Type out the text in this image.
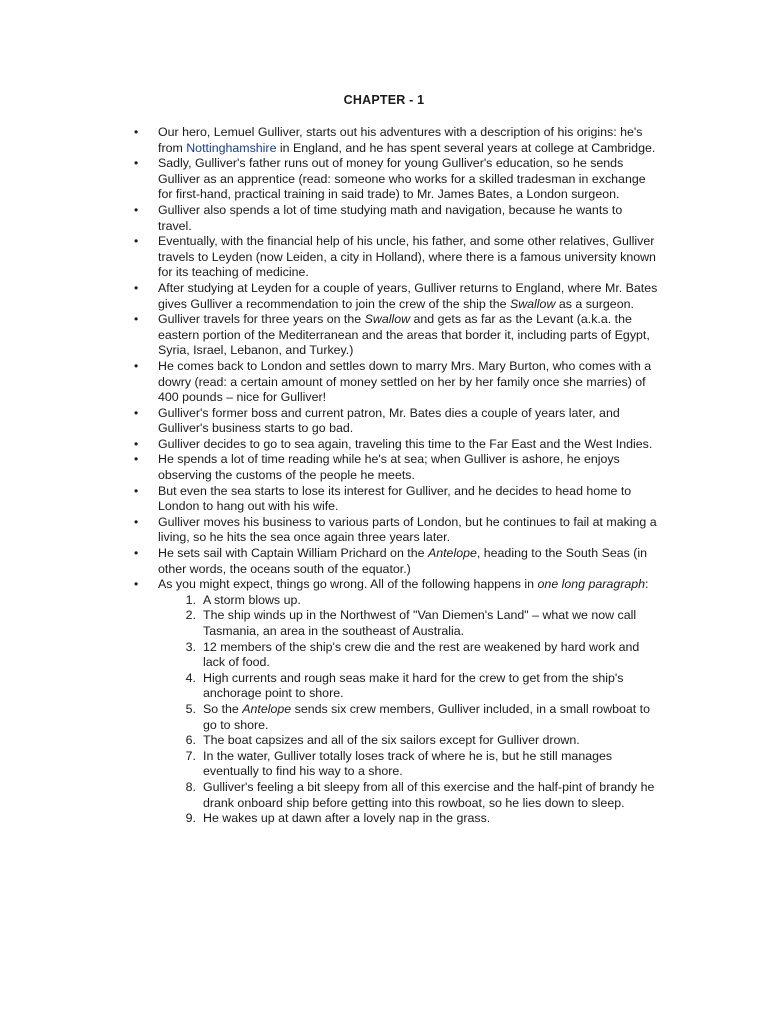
CHAPTER - 1
•	Our hero, Lemuel Gulliver, starts out his adventures with a description of his origins: he's from Nottinghamshire in England, and he has spent several years at college at Cambridge.
•	Sadly, Gulliver's father runs out of money for young Gulliver's education, so he sends Gulliver as an apprentice (read: someone who works for a skilled tradesman in exchange for first-hand, practical training in said trade) to Mr. James Bates, a London surgeon.
•	Gulliver also spends a lot of time studying math and navigation, because he wants to travel.
•	Eventually, with the financial help of his uncle, his father, and some other relatives, Gulliver travels to Leyden (now Leiden, a city in Holland), where there is a famous university known for its teaching of medicine.
•	After studying at Leyden for a couple of years, Gulliver returns to England, where Mr. Bates gives Gulliver a recommendation to join the crew of the ship the Swallow as a surgeon.
•	Gulliver travels for three years on the Swallow and gets as far as the Levant (a.k.a. the eastern portion of the Mediterranean and the areas that border it, including parts of Egypt, Syria, Israel, Lebanon, and Turkey.)
•	He comes back to London and settles down to marry Mrs. Mary Burton, who comes with a dowry (read: a certain amount of money settled on her by her family once she marries) of 400 pounds – nice for Gulliver!
•	Gulliver's former boss and current patron, Mr. Bates dies a couple of years later, and Gulliver's business starts to go bad.
•	Gulliver decides to go to sea again, traveling this time to the Far East and the West Indies.
•	He spends a lot of time reading while he's at sea; when Gulliver is ashore, he enjoys observing the customs of the people he meets.
•	But even the sea starts to lose its interest for Gulliver, and he decides to head home to London to hang out with his wife.
•	Gulliver moves his business to various parts of London, but he continues to fail at making a living, so he hits the sea once again three years later.
•	He sets sail with Captain William Prichard on the Antelope, heading to the South Seas (in other words, the oceans south of the equator.)
•	As you might expect, things go wrong. All of the following happens in one long paragraph:
1. A storm blows up.
2. The ship winds up in the Northwest of "Van Diemen's Land" – what we now call Tasmania, an area in the southeast of Australia.
3. 12 members of the ship's crew die and the rest are weakened by hard work and lack of food.
4. High currents and rough seas make it hard for the crew to get from the ship's anchorage point to shore.
5. So the Antelope sends six crew members, Gulliver included, in a small rowboat to go to shore.
6. The boat capsizes and all of the six sailors except for Gulliver drown.
7. In the water, Gulliver totally loses track of where he is, but he still manages eventually to find his way to a shore.
8. Gulliver's feeling a bit sleepy from all of this exercise and the half-pint of brandy he drank onboard ship before getting into this rowboat, so he lies down to sleep.
9. He wakes up at dawn after a lovely nap in the grass.
